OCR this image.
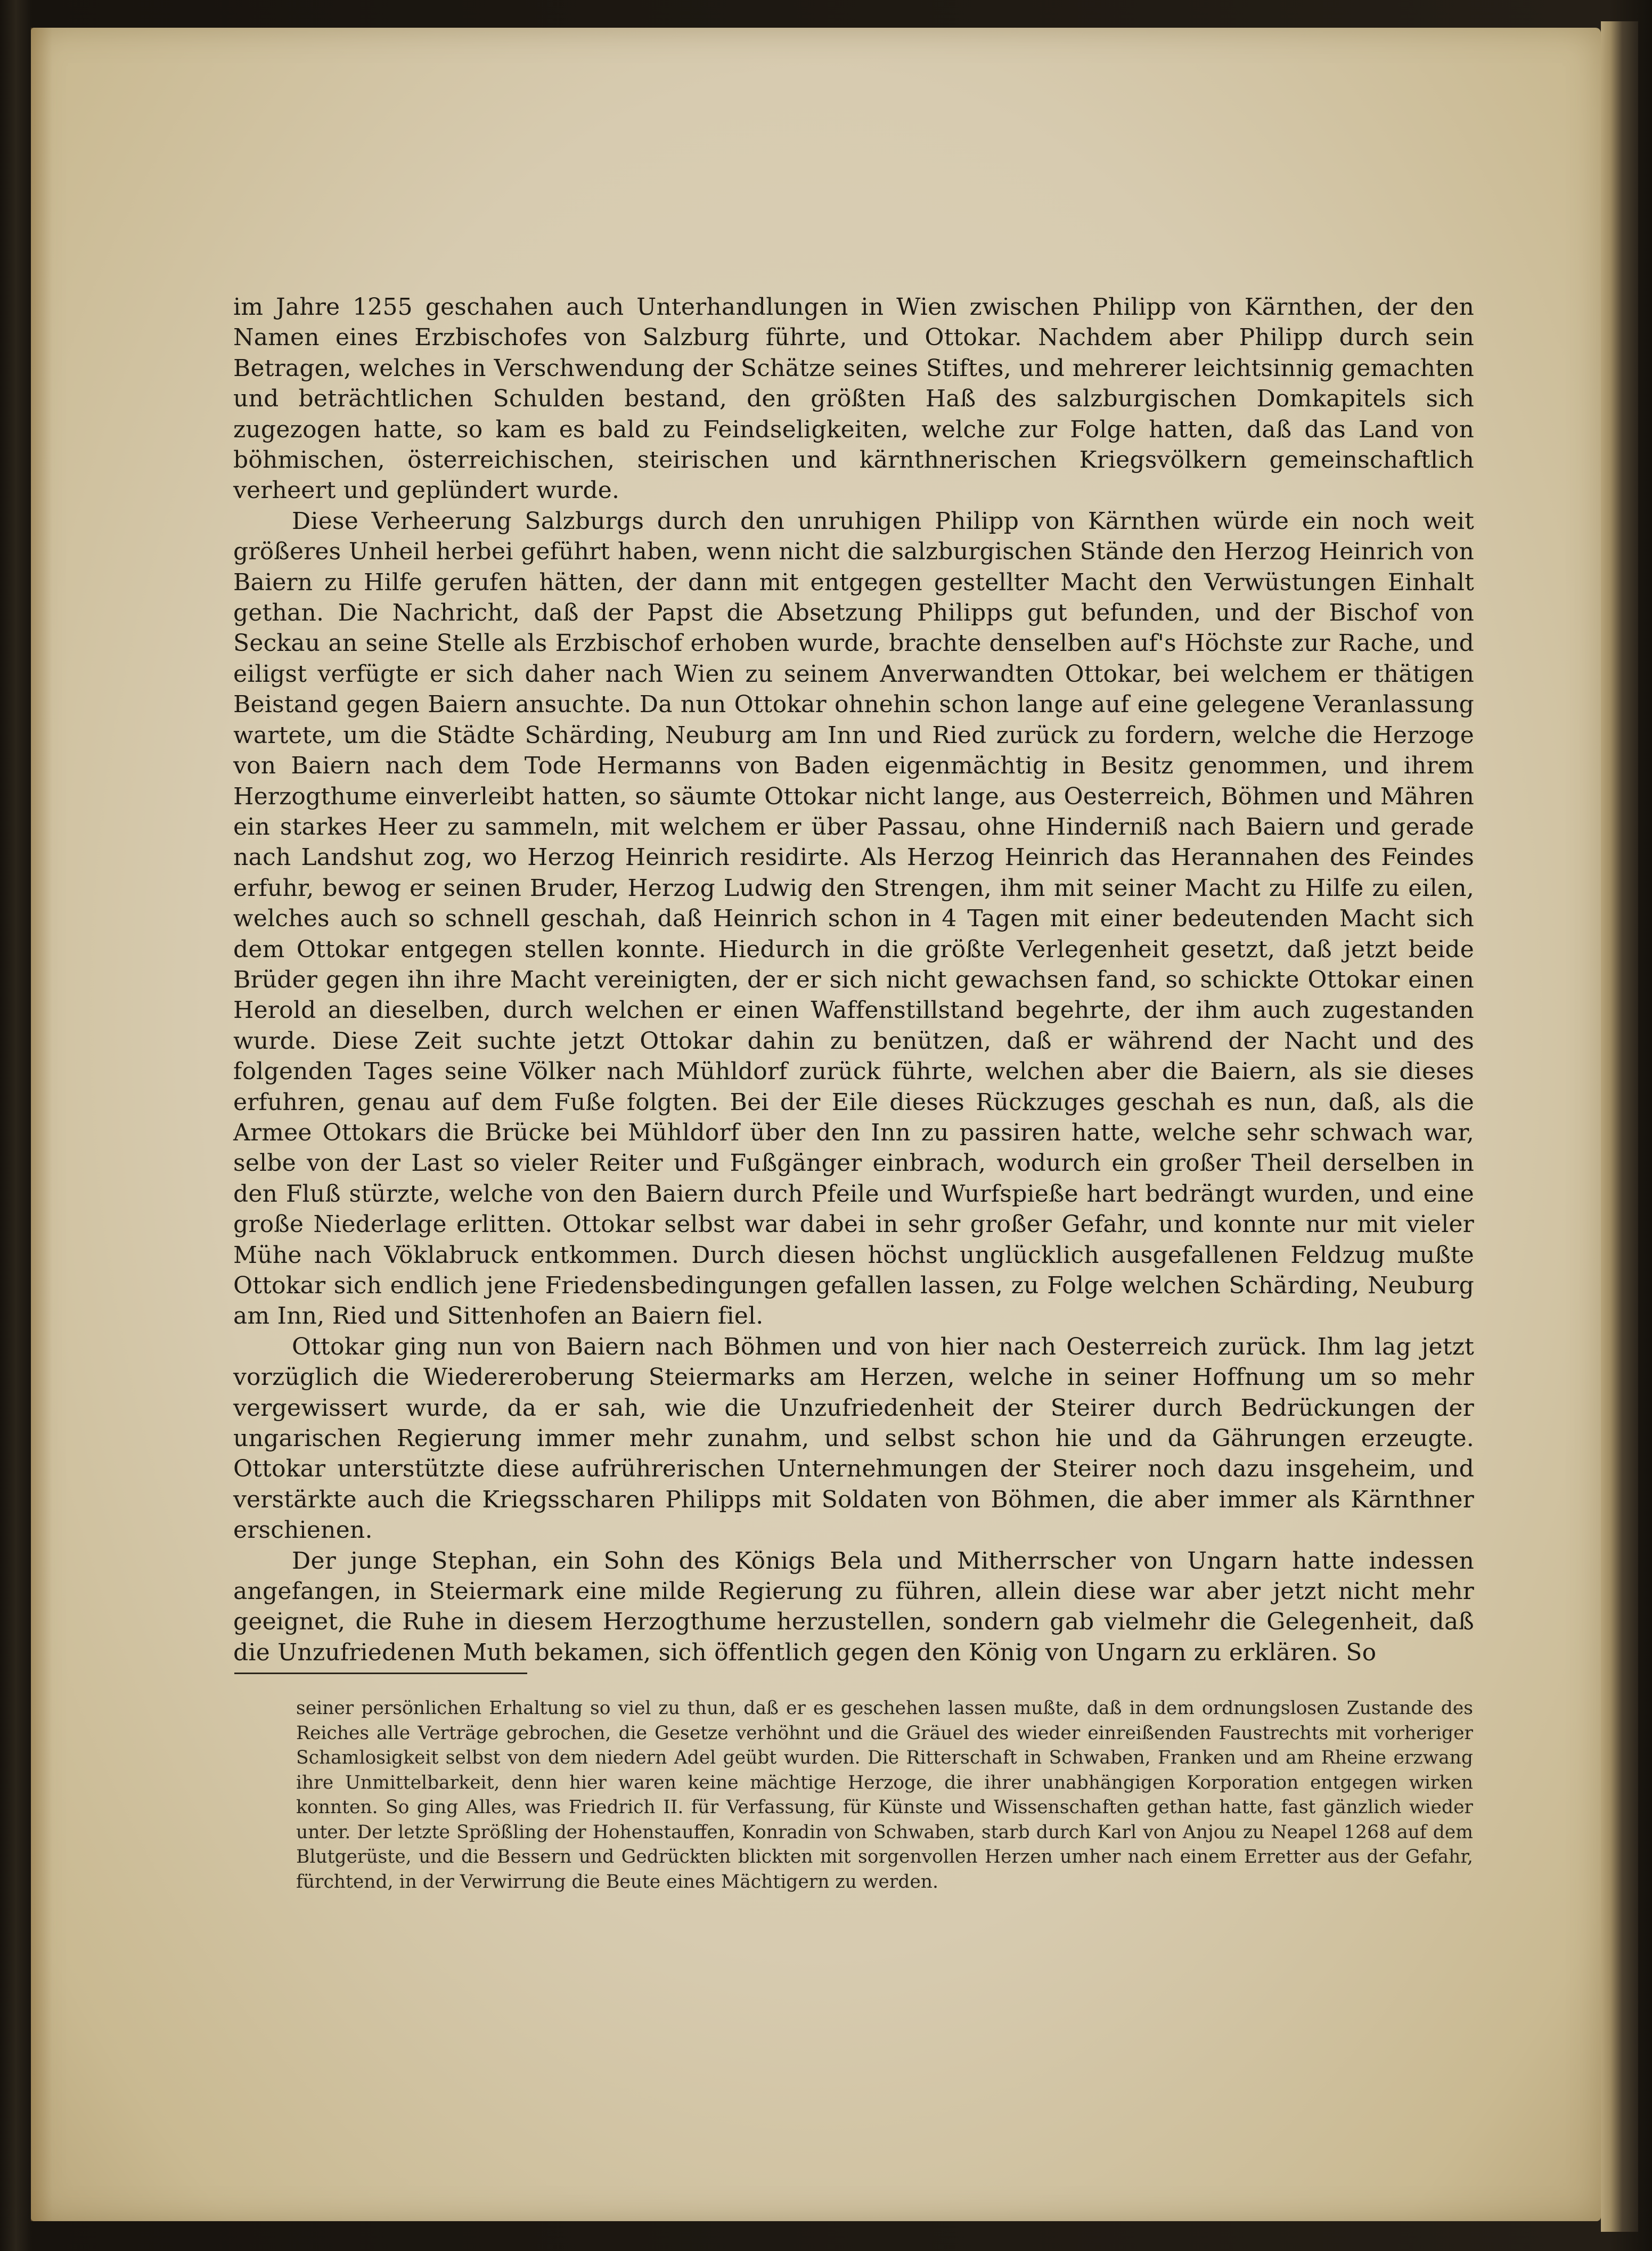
im Jahre 1255 geschahen auch Unterhandlungen in Wien zwischen Philipp von Kärnthen, der den Namen eines Erzbischofes von Salzburg führte, und Ottokar. Nachdem aber Philipp durch sein Betragen, welches in Verschwendung der Schätze seines Stiftes, und mehrerer leichtsinnig gemachten und beträchtlichen Schulden bestand, den größten Haß des salzburgischen Domkapitels sich zugezogen hatte, so kam es bald zu Feindseligkeiten, welche zur Folge hatten, daß das Land von böhmischen, österreichischen, steirischen und kärnthnerischen Kriegsvölkern gemeinschaftlich verheert und geplündert wurde.

Diese Verheerung Salzburgs durch den unruhigen Philipp von Kärnthen würde ein noch weit größeres Unheil herbei geführt haben, wenn nicht die salzburgischen Stände den Herzog Heinrich von Baiern zu Hilfe gerufen hätten, der dann mit entgegen gestellter Macht den Verwüstungen Einhalt gethan. Die Nachricht, daß der Papst die Absetzung Philipps gut befunden, und der Bischof von Seckau an seine Stelle als Erzbischof erhoben wurde, brachte denselben auf's Höchste zur Rache, und eiligst verfügte er sich daher nach Wien zu seinem Anverwandten Ottokar, bei welchem er thätigen Beistand gegen Baiern ansuchte. Da nun Ottokar ohnehin schon lange auf eine gelegene Veranlassung wartete, um die Städte Schärding, Neuburg am Inn und Ried zurück zu fordern, welche die Herzoge von Baiern nach dem Tode Hermanns von Baden eigenmächtig in Besitz genommen, und ihrem Herzogthume einverleibt hatten, so säumte Ottokar nicht lange, aus Oesterreich, Böhmen und Mähren ein starkes Heer zu sammeln, mit welchem er über Passau, ohne Hinderniß nach Baiern und gerade nach Landshut zog, wo Herzog Heinrich residirte. Als Herzog Heinrich das Herannahen des Feindes erfuhr, bewog er seinen Bruder, Herzog Ludwig den Strengen, ihm mit seiner Macht zu Hilfe zu eilen, welches auch so schnell geschah, daß Heinrich schon in 4 Tagen mit einer bedeutenden Macht sich dem Ottokar entgegen stellen konnte. Hiedurch in die größte Verlegenheit gesetzt, daß jetzt beide Brüder gegen ihn ihre Macht vereinigten, der er sich nicht gewachsen fand, so schickte Ottokar einen Herold an dieselben, durch welchen er einen Waffenstillstand begehrte, der ihm auch zugestanden wurde. Diese Zeit suchte jetzt Ottokar dahin zu benützen, daß er während der Nacht und des folgenden Tages seine Völker nach Mühldorf zurück führte, welchen aber die Baiern, als sie dieses erfuhren, genau auf dem Fuße folgten. Bei der Eile dieses Rückzuges geschah es nun, daß, als die Armee Ottokars die Brücke bei Mühldorf über den Inn zu passiren hatte, welche sehr schwach war, selbe von der Last so vieler Reiter und Fußgänger einbrach, wodurch ein großer Theil derselben in den Fluß stürzte, welche von den Baiern durch Pfeile und Wurfspieße hart bedrängt wurden, und eine große Niederlage erlitten. Ottokar selbst war dabei in sehr großer Gefahr, und konnte nur mit vieler Mühe nach Vöklabruck entkommen. Durch diesen höchst unglücklich ausgefallenen Feldzug mußte Ottokar sich endlich jene Friedensbedingungen gefallen lassen, zu Folge welchen Schärding, Neuburg am Inn, Ried und Sittenhofen an Baiern fiel.

Ottokar ging nun von Baiern nach Böhmen und von hier nach Oesterreich zurück. Ihm lag jetzt vorzüglich die Wiedereroberung Steiermarks am Herzen, welche in seiner Hoffnung um so mehr vergewissert wurde, da er sah, wie die Unzufriedenheit der Steirer durch Bedrückungen der ungarischen Regierung immer mehr zunahm, und selbst schon hie und da Gährungen erzeugte. Ottokar unterstützte diese aufrührerischen Unternehmungen der Steirer noch dazu insgeheim, und verstärkte auch die Kriegsscharen Philipps mit Soldaten von Böhmen, die aber immer als Kärnthner erschienen.

Der junge Stephan, ein Sohn des Königs Bela und Mitherrscher von Ungarn hatte indessen angefangen, in Steiermark eine milde Regierung zu führen, allein diese war aber jetzt nicht mehr geeignet, die Ruhe in diesem Herzogthume herzustellen, sondern gab vielmehr die Gelegenheit, daß die Unzufriedenen Muth bekamen, sich öffentlich gegen den König von Ungarn zu erklären. So

seiner persönlichen Erhaltung so viel zu thun, daß er es geschehen lassen mußte, daß in dem ordnungslosen Zustande des Reiches alle Verträge gebrochen, die Gesetze verhöhnt und die Gräuel des wieder einreißenden Faustrechts mit vorheriger Schamlosigkeit selbst von dem niedern Adel geübt wurden. Die Ritterschaft in Schwaben, Franken und am Rheine erzwang ihre Unmittelbarkeit, denn hier waren keine mächtige Herzoge, die ihrer unabhängigen Korporation entgegen wirken konnten. So ging Alles, was Friedrich II. für Verfassung, für Künste und Wissenschaften gethan hatte, fast gänzlich wieder unter. Der letzte Sprößling der Hohenstauffen, Konradin von Schwaben, starb durch Karl von Anjou zu Neapel 1268 auf dem Blutgerüste, und die Bessern und Gedrückten blickten mit sorgenvollen Herzen umher nach einem Erretter aus der Gefahr, fürchtend, in der Verwirrung die Beute eines Mächtigern zu werden.
